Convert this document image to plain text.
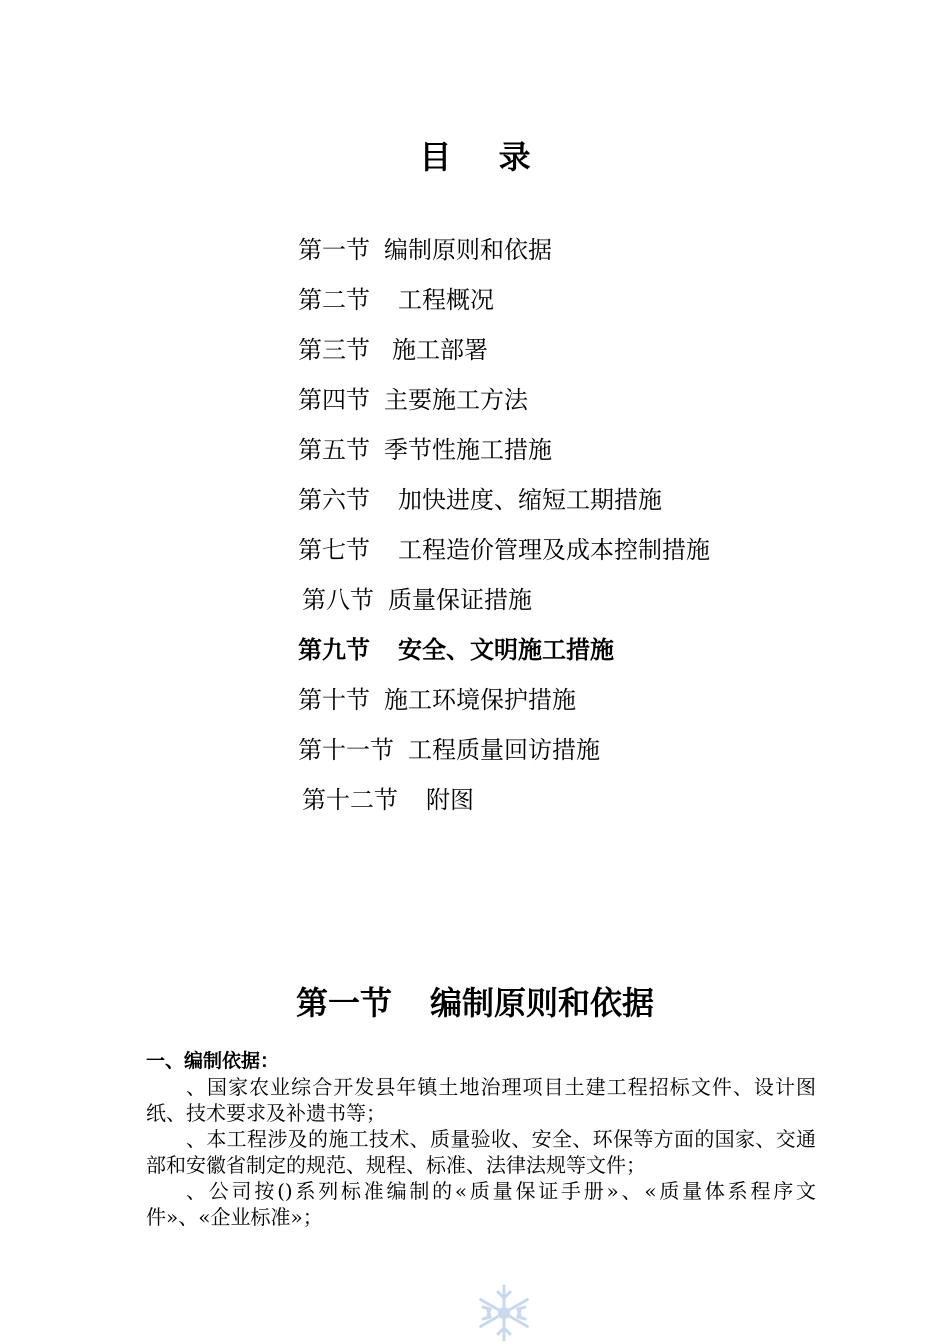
目 录
第一节 编制原则和依据
第二节 工程概况
第三节 施工部署
第四节 主要施工方法
第五节 季节性施工措施
第六节 加快进度、缩短工期措施
第七节 工程造价管理及成本控制措施
第八节 质量保证措施
第九节 安全、文明施工措施
第十节 施工环境保护措施
第十一节 工程质量回访措施
第十二节 附图
第一节 编制原则和依据
一、编制依据：

、国家农业综合开发县年镇土地治理项目土建工程招标文件、设计图纸、技术要求及补遗书等；

、本工程涉及的施工技术、质量验收、安全、环保等方面的国家、交通部和安徽省制定的规范、规程、标准、法律法规等文件；

、公司按()系列标准编制的«质量保证手册»、«质量体系程序文件»、«企业标准»；
